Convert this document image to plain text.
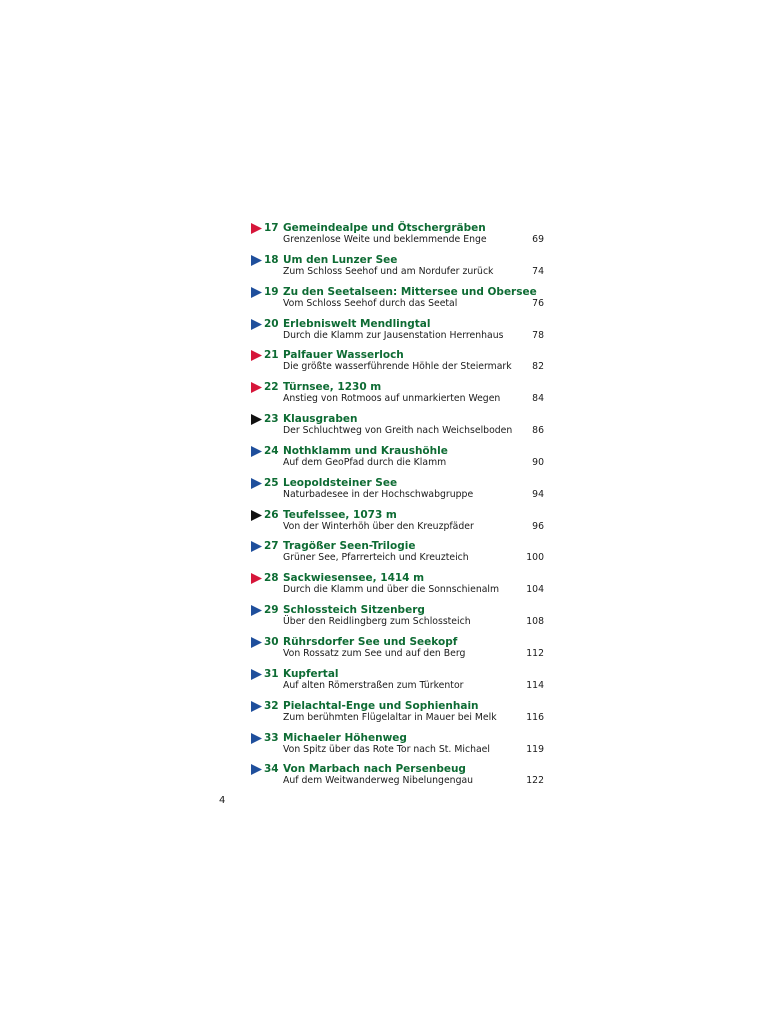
17 Gemeindealpe und Ötschergräben
Grenzenlose Weite und beklemmende Enge	69
18 Um den Lunzer See
Zum Schloss Seehof und am Nordufer zurück	74
19 Zu den Seetalseen: Mittersee und Obersee
Vom Schloss Seehof durch das Seetal	76
20 Erlebniswelt Mendlingtal
Durch die Klamm zur Jausenstation Herrenhaus	78
21 Palfauer Wasserloch
Die größte wasserführende Höhle der Steiermark 82
22 Türnsee, 1230 m
Anstieg von Rotmoos auf unmarkierten Wegen	84
23 Klausgraben
Der Schluchtweg von Greith nach Weichselboden 86
24 Nothklamm und Kraushöhle
Auf dem GeoPfad durch die Klamm	90
25 Leopoldsteiner See
Naturbadesee in der Hochschwabgruppe	94
26 Teufelssee, 1073 m
Von der Winterhöh über den Kreuzpfäder	96
27 Tragößer Seen-Trilogie
Grüner See, Pfarrerteich und Kreuzteich	100
28 Sackwiesensee, 1414 m
Durch die Klamm und über die Sonnschienalm	104
29 Schlossteich Sitzenberg
Über den Reidlingberg zum Schlossteich	108
30 Rührsdorfer See und Seekopf
Von Rossatz zum See und auf den Berg	112
31 Kupfertal
Auf alten Römerstraßen zum Türkentor	114
32 Pielachtal-Enge und Sophienhain
Zum berühmten Flügelaltar in Mauer bei Melk	116
33 Michaeler Höhenweg
Von Spitz über das Rote Tor nach St. Michael	119
34 Von Marbach nach Persenbeug
Auf dem Weitwanderweg Nibelungengau	122
4
